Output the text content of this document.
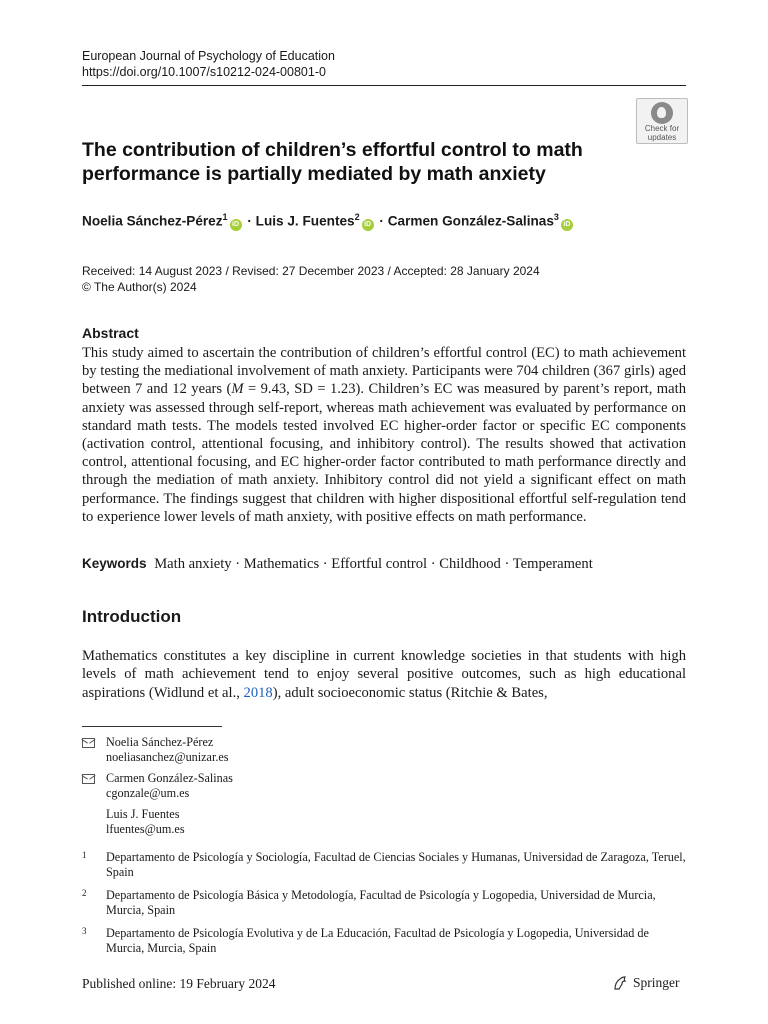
European Journal of Psychology of Education
https://doi.org/10.1007/s10212-024-00801-0
Check for
updates
The contribution of children’s effortful control to math performance is partially mediated by math anxiety
Noelia Sánchez-Pérez$^1$iD · Luis J. Fuentes$^2$iD · Carmen González-Salinas$^3$iD
Received: 14 August 2023 / Revised: 27 December 2023 / Accepted: 28 January 2024
© The Author(s) 2024
Abstract
This study aimed to ascertain the contribution of children’s effortful control (EC) to math achievement by testing the mediational involvement of math anxiety. Participants were 704 children (367 girls) aged between 7 and 12 years (M = 9.43, SD = 1.23). Children’s EC was measured by parent’s report, math anxiety was assessed through self-report, whereas math achievement was evaluated by performance on standard math tests. The models tested involved EC higher-order factor or specific EC components (activation control, attentional focusing, and inhibitory control). The results showed that activation control, attentional focusing, and EC higher-order factor contributed to math performance directly and through the mediation of math anxiety. Inhibitory control did not yield a significant effect on math performance. The findings suggest that children with higher dispositional effortful self-regulation tend to experience lower levels of math anxiety, with positive effects on math performance.
Keywords Math anxiety · Mathematics · Effortful control · Childhood · Temperament
Introduction
Mathematics constitutes a key discipline in current knowledge societies in that students with high levels of math achievement tend to enjoy several positive outcomes, such as high educational aspirations (Widlund et al., 2018), adult socioeconomic status (Ritchie & Bates,
Noelia Sánchez-Pérez
noeliasanchez@unizar.es
Carmen González-Salinas
cgonzale@um.es
Luis J. Fuentes
lfuentes@um.es
1 Departamento de Psicología y Sociología, Facultad de Ciencias Sociales y Humanas, Universidad de Zaragoza, Teruel, Spain
2 Departamento de Psicología Básica y Metodología, Facultad de Psicología y Logopedia, Universidad de Murcia, Murcia, Spain
3 Departamento de Psicología Evolutiva y de La Educación, Facultad de Psicología y Logopedia, Universidad de Murcia, Murcia, Spain
Published online: 19 February 2024	Springer
